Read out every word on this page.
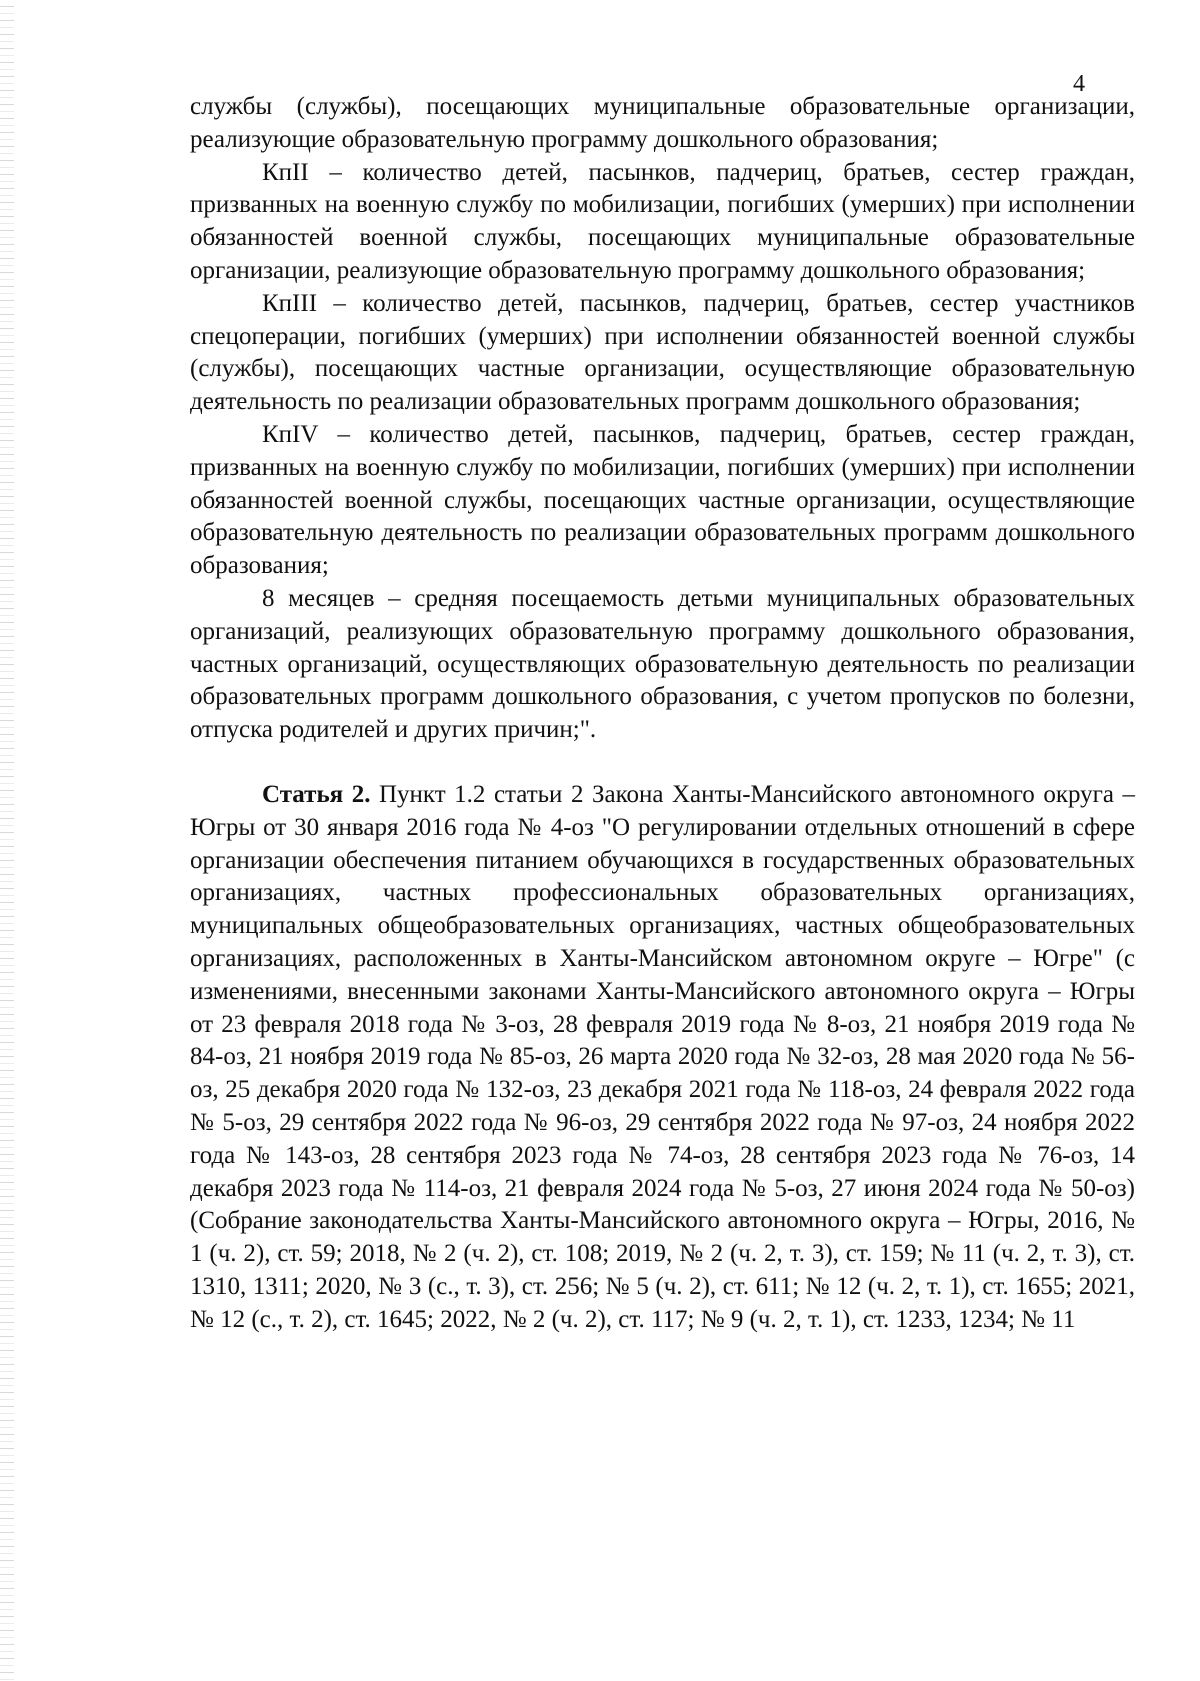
4

службы (службы), посещающих муниципальные образовательные организации, реализующие образовательную программу дошкольного образования;

КпII – количество детей, пасынков, падчериц, братьев, сестер граждан, призванных на военную службу по мобилизации, погибших (умерших) при исполнении обязанностей военной службы, посещающих муниципальные образовательные организации, реализующие образовательную программу дошкольного образования;

КпIII – количество детей, пасынков, падчериц, братьев, сестер участников спецоперации, погибших (умерших) при исполнении обязанностей военной службы (службы), посещающих частные организации, осуществляющие образовательную деятельность по реализации образовательных программ дошкольного образования;

КпIV – количество детей, пасынков, падчериц, братьев, сестер граждан, призванных на военную службу по мобилизации, погибших (умерших) при исполнении обязанностей военной службы, посещающих частные организации, осуществляющие образовательную деятельность по реализации образовательных программ дошкольного образования;

8 месяцев – средняя посещаемость детьми муниципальных образовательных организаций, реализующих образовательную программу дошкольного образования, частных организаций, осуществляющих образовательную деятельность по реализации образовательных программ дошкольного образования, с учетом пропусков по болезни, отпуска родителей и других причин;".

Статья 2. Пункт 1.2 статьи 2 Закона Ханты-Мансийского автономного округа – Югры от 30 января 2016 года № 4-оз "О регулировании отдельных отношений в сфере организации обеспечения питанием обучающихся в государственных образовательных организациях, частных профессиональных образовательных организациях, муниципальных общеобразовательных организациях, частных общеобразовательных организациях, расположенных в Ханты-Мансийском автономном округе – Югре" (с изменениями, внесенными законами Ханты-Мансийского автономного округа – Югры от 23 февраля 2018 года № 3-оз, 28 февраля 2019 года № 8-оз, 21 ноября 2019 года № 84-оз, 21 ноября 2019 года № 85-оз, 26 марта 2020 года № 32-оз, 28 мая 2020 года № 56-оз, 25 декабря 2020 года № 132-оз, 23 декабря 2021 года № 118-оз, 24 февраля 2022 года № 5-оз, 29 сентября 2022 года № 96-оз, 29 сентября 2022 года № 97-оз, 24 ноября 2022 года № 143-оз, 28 сентября 2023 года № 74-оз, 28 сентября 2023 года № 76-оз, 14 декабря 2023 года № 114-оз, 21 февраля 2024 года № 5-оз, 27 июня 2024 года № 50-оз) (Собрание законодательства Ханты-Мансийского автономного округа – Югры, 2016, № 1 (ч. 2), ст. 59; 2018, № 2 (ч. 2), ст. 108; 2019, № 2 (ч. 2, т. 3), ст. 159; № 11 (ч. 2, т. 3), ст. 1310, 1311; 2020, № 3 (с., т. 3), ст. 256; № 5 (ч. 2), ст. 611; № 12 (ч. 2, т. 1), ст. 1655; 2021, № 12 (с., т. 2), ст. 1645; 2022, № 2 (ч. 2), ст. 117; № 9 (ч. 2, т. 1), ст. 1233, 1234; № 11
